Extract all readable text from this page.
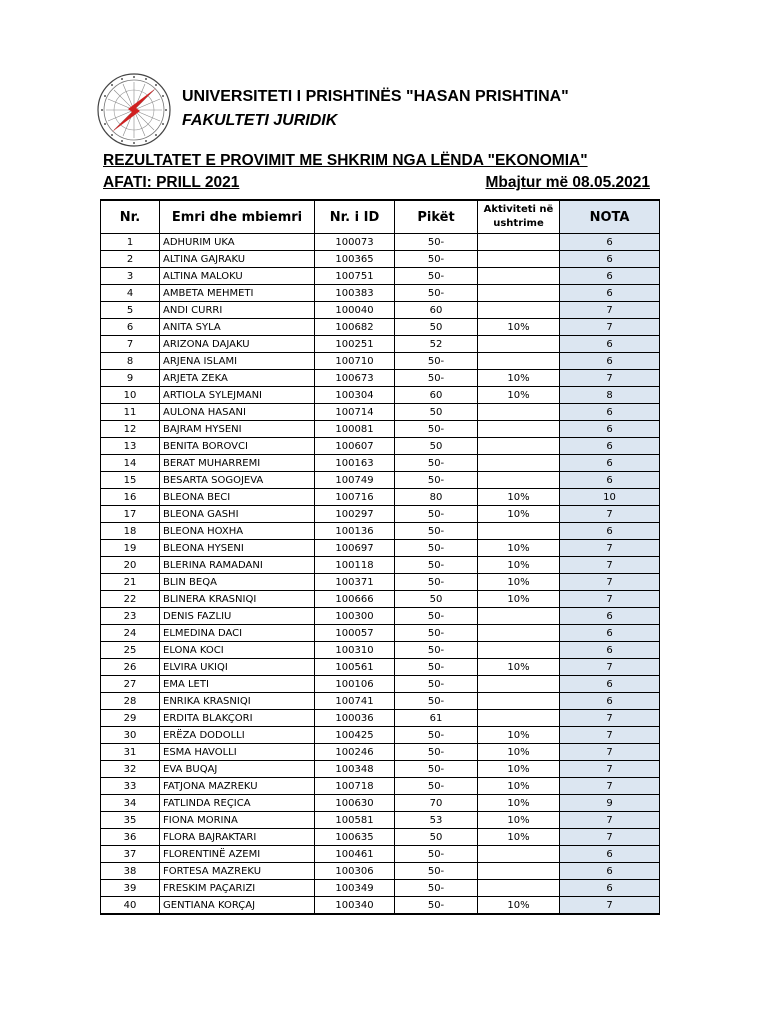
UNIVERSITETI I PRISHTINËS "HASAN PRISHTINA"
FAKULTETI JURIDIK
REZULTATET E PROVIMIT ME SHKRIM NGA LËNDA "EKONOMIA"
AFATI: PRILL 2021	Mbajtur më 08.05.2021
Nr.	Emri dhe mbiemri	Nr. i ID	Pikët	Aktiviteti në ushtrime	NOTA
1	ADHURIM UKA	100073	50-		6
2	ALTINA GAJRAKU	100365	50-		6
3	ALTINA MALOKU	100751	50-		6
4	AMBETA MEHMETI	100383	50-		6
5	ANDI CURRI	100040	60		7
6	ANITA SYLA	100682	50	10%	7
7	ARIZONA DAJAKU	100251	52		6
8	ARJENA ISLAMI	100710	50-		6
9	ARJETA ZEKA	100673	50-	10%	7
10	ARTIOLA SYLEJMANI	100304	60	10%	8
11	AULONA HASANI	100714	50		6
12	BAJRAM HYSENI	100081	50-		6
13	BENITA BOROVCI	100607	50		6
14	BERAT MUHARREMI	100163	50-		6
15	BESARTA SOGOJEVA	100749	50-		6
16	BLEONA BECI	100716	80	10%	10
17	BLEONA GASHI	100297	50-	10%	7
18	BLEONA HOXHA	100136	50-		6
19	BLEONA HYSENI	100697	50-	10%	7
20	BLERINA RAMADANI	100118	50-	10%	7
21	BLIN BEQA	100371	50-	10%	7
22	BLINERA KRASNIQI	100666	50	10%	7
23	DENIS FAZLIU	100300	50-		6
24	ELMEDINA DACI	100057	50-		6
25	ELONA KOCI	100310	50-		6
26	ELVIRA UKIQI	100561	50-	10%	7
27	EMA LETI	100106	50-		6
28	ENRIKA KRASNIQI	100741	50-		6
29	ERDITA BLAKÇORI	100036	61		7
30	ERËZA DODOLLI	100425	50-	10%	7
31	ESMA HAVOLLI	100246	50-	10%	7
32	EVA BUQAJ	100348	50-	10%	7
33	FATJONA MAZREKU	100718	50-	10%	7
34	FATLINDA REÇICA	100630	70	10%	9
35	FIONA MORINA	100581	53	10%	7
36	FLORA BAJRAKTARI	100635	50	10%	7
37	FLORENTINË AZEMI	100461	50-		6
38	FORTESA MAZREKU	100306	50-		6
39	FRESKIM PAÇARIZI	100349	50-		6
40	GENTIANA KORÇAJ	100340	50-	10%	7
